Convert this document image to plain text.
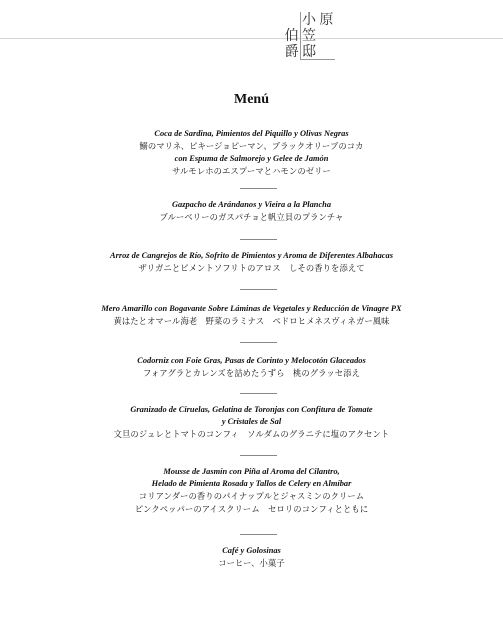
伯
小
爵
笠
邸
原
Menú
Coca de Sardina, Pimientos del Piquillo y Olivas Negras
鰯のマリネ、ピキージョピーマン、ブラックオリーブのコカ
con Espuma de Salmorejo y Gelee de Jamón
サルモレホのエスプーマとハモンのゼリー
Gazpacho de Arándanos y Vieira a la Plancha
ブルーベリーのガスパチョと帆立貝のプランチャ
Arroz de Cangrejos de Río, Sofrito de Pimientos y Aroma de Diferentes Albahacas
ザリガニとピメントソフリトのアロス　しその香りを添えて
Mero Amarillo con Bogavante Sobre Láminas de Vegetales y Reducción de Vinagre PX
黄はたとオマール海老　野菜のラミナス　ペドロヒメネスヴィネガー風味
Codorniz con Foie Gras, Pasas de Corinto y Melocotón Glaceados
フォアグラとカレンズを詰めたうずら　桃のグラッセ添え
Granizado de Ciruelas, Gelatina de Toronjas con Confitura de Tomate
y Cristales de Sal
文旦のジュレとトマトのコンフィ　ソルダムのグラニテに塩のアクセント
Mousse de Jasmín con Piña al Aroma del Cilantro,
Helado de Pimienta Rosada y Tallos de Celery en Almíbar
コリアンダーの香りのパイナップルとジャスミンのクリーム
ピンクペッパーのアイスクリーム　セロリのコンフィとともに
Café y Golosinas
コーヒー、小菓子
